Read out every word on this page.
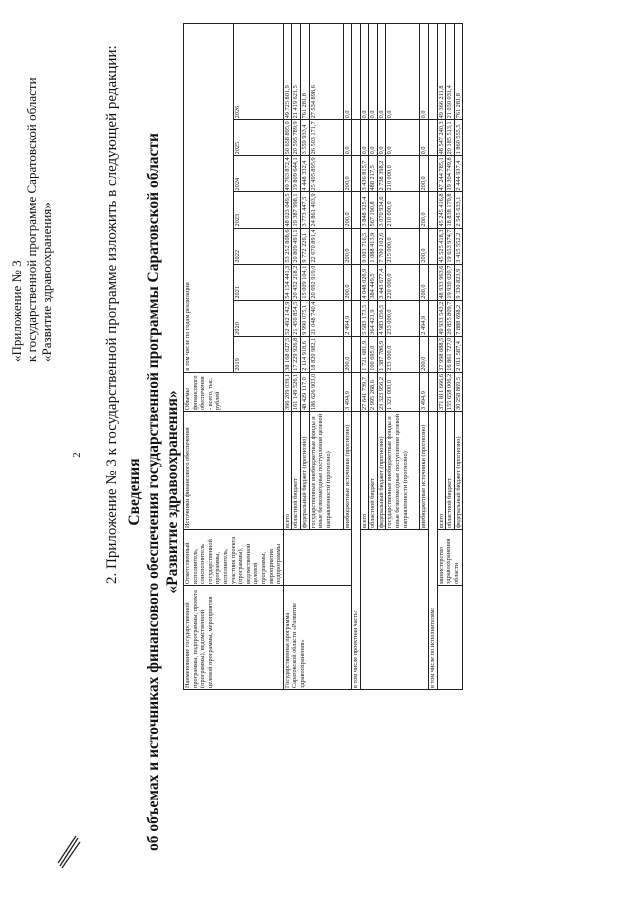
2 2. Приложение № 3 к государственной программе изложить в следующей редакции:
«Приложение № 3 к государственной программе Саратовской области «Развитие здравоохранения»
Сведения об объемах и источниках финансового обеспечения государственной программы Саратовской области «Развитие здравоохранения»
Наименование государственной программы, подпрограммы, проекта (программы), ведомственной целевой программы, мероприятия	Ответственный исполнитель, соисполнитель государственной программы, исполнитель, участник проекта (программы), ведомственной целевой программы, мероприятия подпрограммы	Источники финансового обеспечения	Объемы финансового обеспечения - всего, тыс. рублей	в том числе по годам реализации							
				2019	2020	2021	2022	2023	2024	2025	2026
Государственная программа Саратовской области «Развитие здравоохранения»		всего	396 209 039,1	38 168 027,5	52 492 142,9	54 154 441,3	53 252 808,6	48 023 049,5	49 763 872,4	50 658 895,0	49 725 801,9
		областной бюджет	161 149 526,1	17 229 926,8	21 450 854,5	20 452 218,2	20 809 491,1	19 387 998,1	19 809 644,1	20 595 789,9	21 419 621,5
		федеральный бюджет (прогнозно)	48 429 117,0	2 114 918,6	9 990 075,1	15 009 104,1	9 772 226,1	3 773 447,5	4 448 332,4	3 559 933,4	761 281,8
		государственные внебюджетные фонды и иные безвозмездные поступления целевой направленности (прогнозно)	186 626 903,0	18 820 982,1	21 048 740,4	20 692 919,0	22 670 891,4	24 861 403,9	25 495 895,9	26 503 171,7	27 534 898,6
		внебюджетные источники (прогнозно)	3 494,9	200,0	2 494,9	200,0	200,0	200,0	200,0	0,0	0,0
в том числе проектная часть:											
		всего	27 641 739,7	1 721 681,9	5 583 173,5	4 048 026,9	9 003 716,5	3 848 325,4	3 436 815,7	0,0	0,0
		областной бюджет	2 995 268,6	100 695,0	364 421,9	384 449,5	1 088 413,9	567 190,8	488 217,5	0,0	0,0
		федеральный бюджет (прогнозно)	23 323 956,2	1 387 786,9	4 983 056,5	3 443 677,4	7 700 102,6	3 070 934,6	2 738 398,2	0,0	0,0
		государственные внебюджетные фонды и иные безвозмездные поступления целевой направленности (прогнозно)	1 321 000,0	233 000,0	233 000,0	220 000,0	215 000,0	210 000,0	210 000,0	0,0	0,0
		внебюджетные источники (прогнозно)	3 494,9	200,0	2 494,9	200,0	200,0	200,0	200,0	0,0	0,0
в том числе по исполнителям:											
	министерство здравоохранения области	всего	371 811 666,6	37 998 088,5	49 933 543,2	48 933 963,6	45 525 418,3	45 245 416,8	47 244 785,1	48 547 240,3	49 366 211,8
		областной бюджет	155 658 006,2	16 861 727,0	20 855 809,7	19 930 020,7	19 653 974,7	18 838 179,8	19 304 749,8	20 185 513,1	21 030 031,4
		федеральный бюджет (прогнозно)	30 258 869,5	2 011 587,4	7 888 698,2	9 330 823,9	3 415 552,2	2 545 633,1	2 444 937,4	1 860 555,5	761 281,8
